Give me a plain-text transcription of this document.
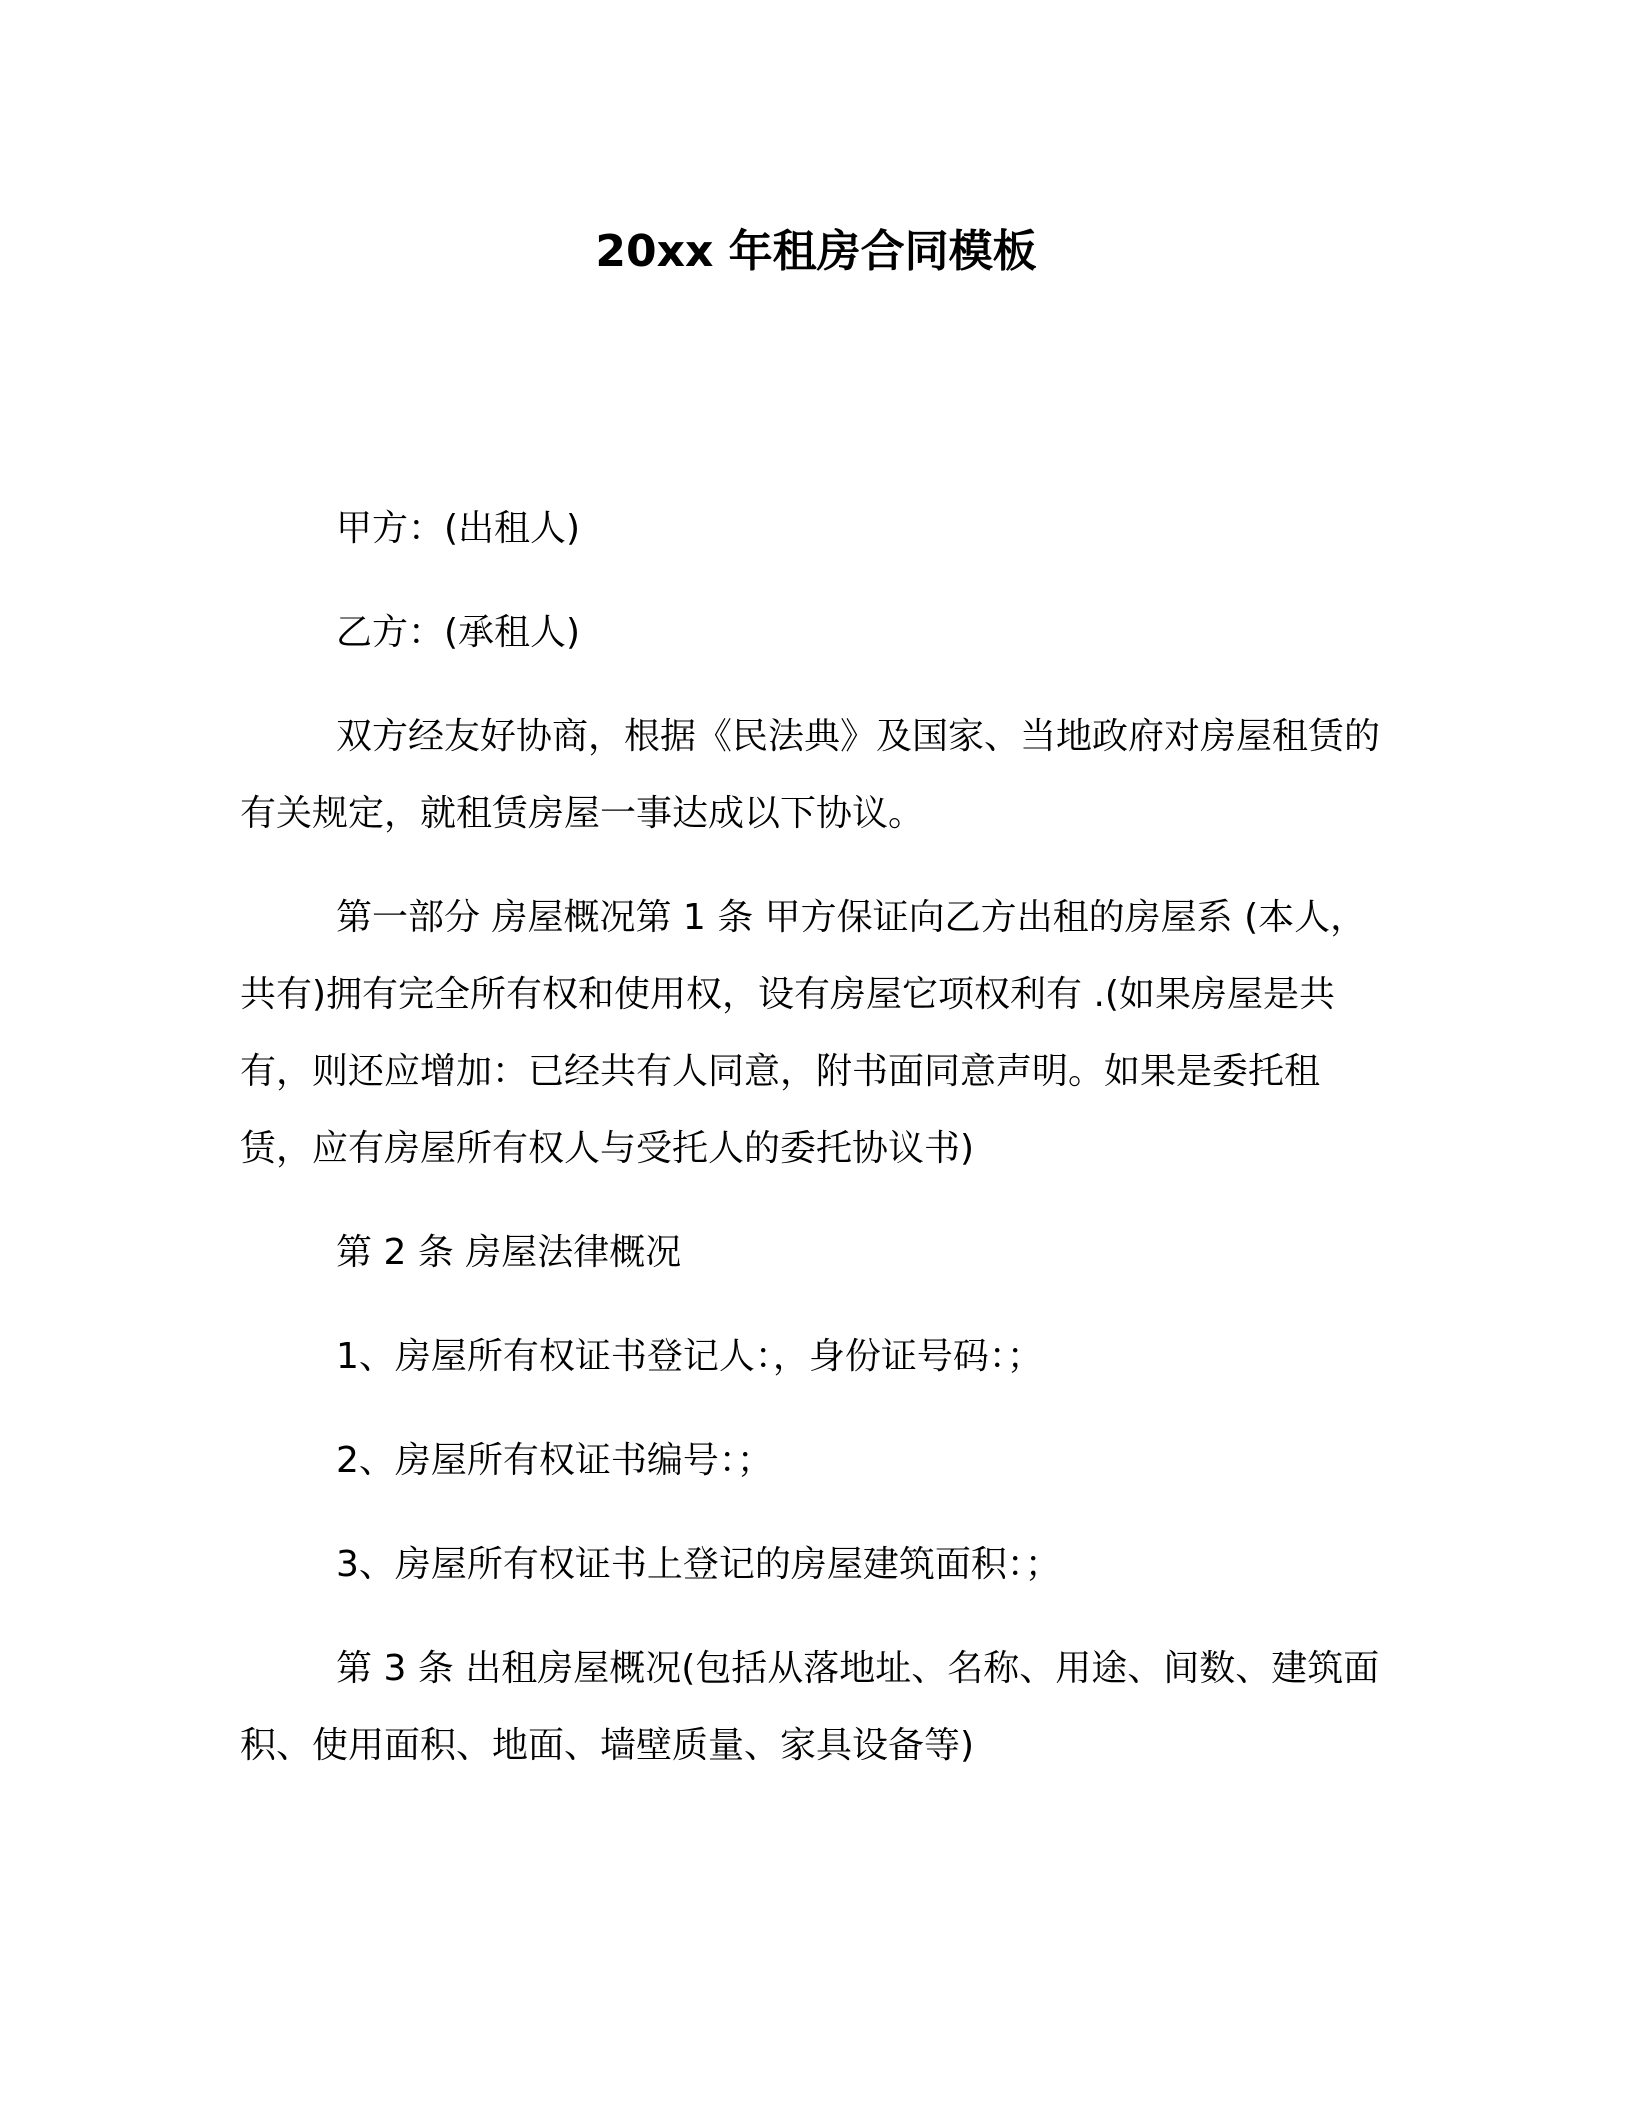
20xx 年租房合同模板

甲方：(出租人)

乙方：(承租人)

双方经友好协商，根据《民法典》及国家、当地政府对房屋租赁的有关规定，就租赁房屋一事达成以下协议。

第一部分 房屋概况第 1 条 甲方保证向乙方出租的房屋系 (本人，共有)拥有完全所有权和使用权，设有房屋它项权利有 .(如果房屋是共有，则还应增加：已经共有人同意，附书面同意声明。如果是委托租赁，应有房屋所有权人与受托人的委托协议书)

第 2 条 房屋法律概况

1、房屋所有权证书登记人：，身份证号码：；

2、房屋所有权证书编号：；

3、房屋所有权证书上登记的房屋建筑面积：；

第 3 条 出租房屋概况(包括从落地址、名称、用途、间数、建筑面积、使用面积、地面、墙壁质量、家具设备等)
